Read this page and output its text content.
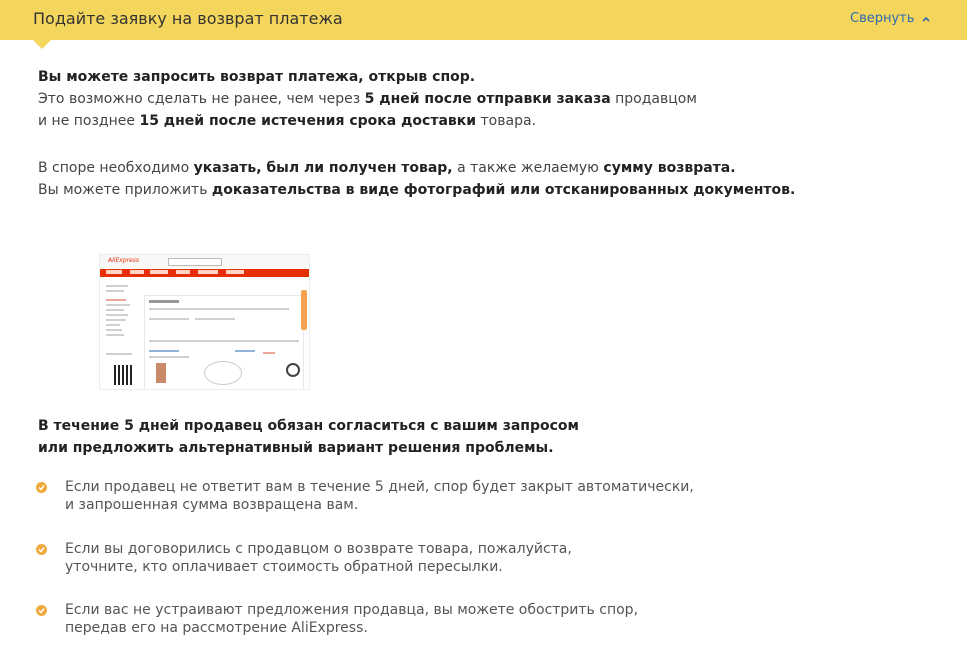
Подайте заявку на возврат платежа	Свернуть
Вы можете запросить возврат платежа, открыв спор.
Это возможно сделать не ранее, чем через 5 дней после отправки заказа продавцом
и не позднее 15 дней после истечения срока доставки товара.
В споре необходимо указать, был ли получен товар, а также желаемую сумму возврата.
Вы можете приложить доказательства в виде фотографий или отсканированных документов.
AliExpress
В течение 5 дней продавец обязан согласиться с вашим запросом
или предложить альтернативный вариант решения проблемы.
Если продавец не ответит вам в течение 5 дней, спор будет закрыт автоматически,
и запрошенная сумма возвращена вам.
Если вы договорились с продавцом о возврате товара, пожалуйста,
уточните, кто оплачивает стоимость обратной пересылки.
Если вас не устраивают предложения продавца, вы можете обострить спор,
передав его на рассмотрение AliExpress.
